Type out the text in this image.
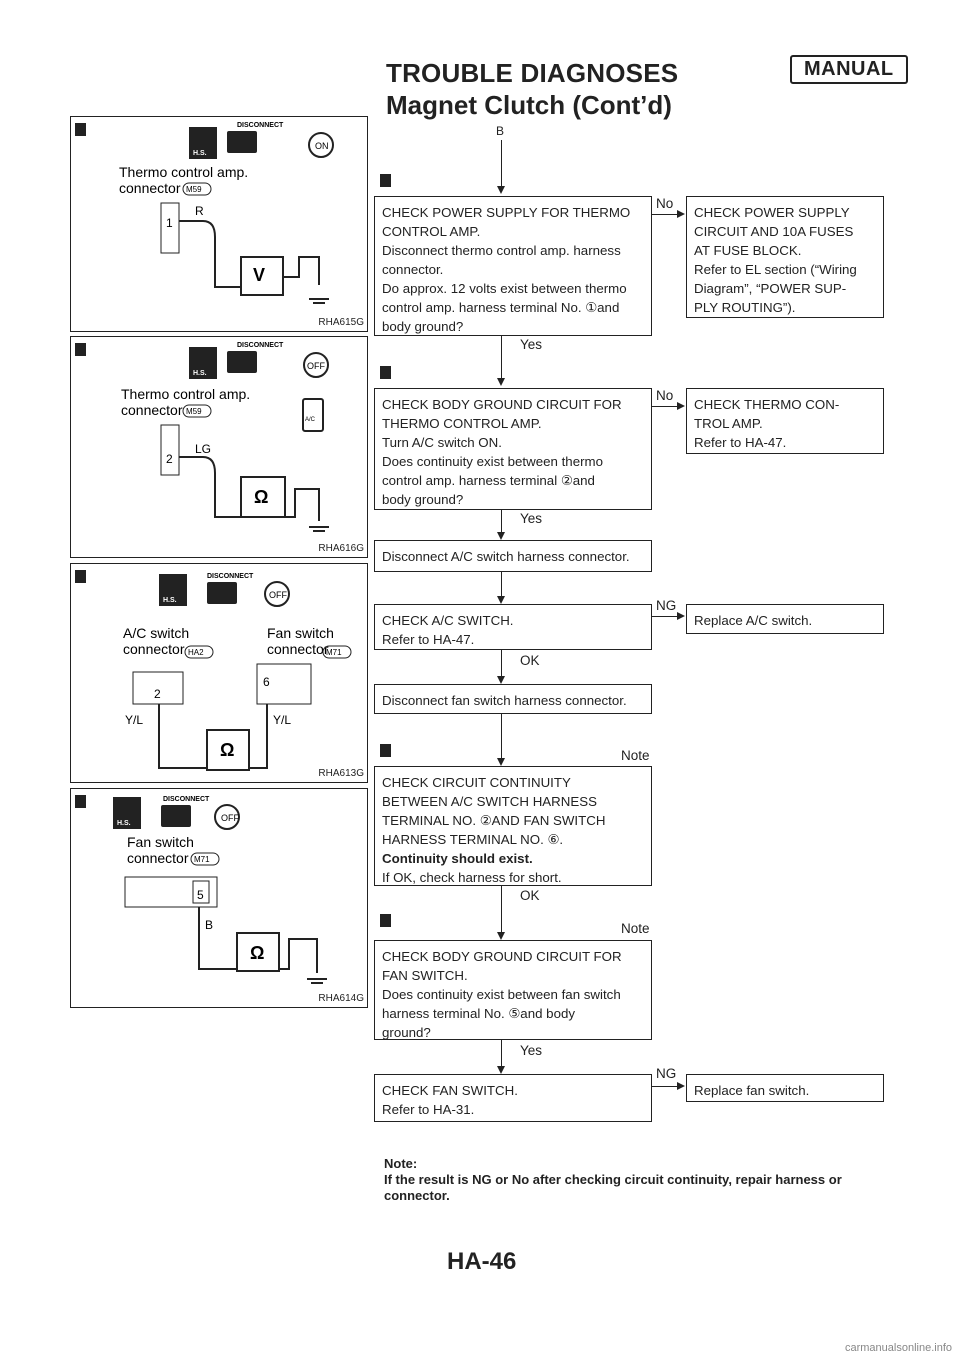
TROUBLE DIAGNOSES	MANUAL
Magnet Clutch (Cont’d)
H.S.
DISCONNECT
ON
Thermo control amp.
connector M59
1
R
V
RHA615G
H.S.
DISCONNECT
OFF
Thermo control amp.
connector M59
A/C
2
LG
Ω
RHA616G
H.S.
DISCONNECT
OFF
A/C switch
connector HA2
Fan switch
connector
M71
2
6
Y/L	Y/L
Ω
RHA613G
H.S.
DISCONNECT
OFF
Fan switch
connector M71
5
B
Ω
RHA614G
B
CHECK POWER SUPPLY FOR THERMO
CONTROL AMP.
Disconnect thermo control amp. harness
connector.
Do approx. 12 volts exist between thermo
control amp. harness terminal No. ①and
body ground?
No
CHECK POWER SUPPLY
CIRCUIT AND 10A FUSES
AT FUSE BLOCK.
Refer to EL section (“Wiring
Diagram”, “POWER SUP-
PLY ROUTING”).
Yes
CHECK BODY GROUND CIRCUIT FOR
THERMO CONTROL AMP.
Turn A/C switch ON.
Does continuity exist between thermo
control amp. harness terminal ②and
body ground?
No
CHECK THERMO CON-
TROL AMP.
Refer to HA-47.
Yes
Disconnect A/C switch harness connector.
CHECK A/C SWITCH.
Refer to HA-47.
NG
Replace A/C switch.
OK
Disconnect fan switch harness connector.
Note
CHECK CIRCUIT CONTINUITY
BETWEEN A/C SWITCH HARNESS
TERMINAL NO. ②AND FAN SWITCH
HARNESS TERMINAL NO. ⑥.
Continuity should exist.
If OK, check harness for short.
OK
Note
CHECK BODY GROUND CIRCUIT FOR
FAN SWITCH.
Does continuity exist between fan switch
harness terminal No. ⑤and body
ground?
Yes
CHECK FAN SWITCH.
Refer to HA-31.
NG
Replace fan switch.
Note:
If the result is NG or No after checking circuit continuity, repair harness or connector.
HA-46
carmanualsonline.info
